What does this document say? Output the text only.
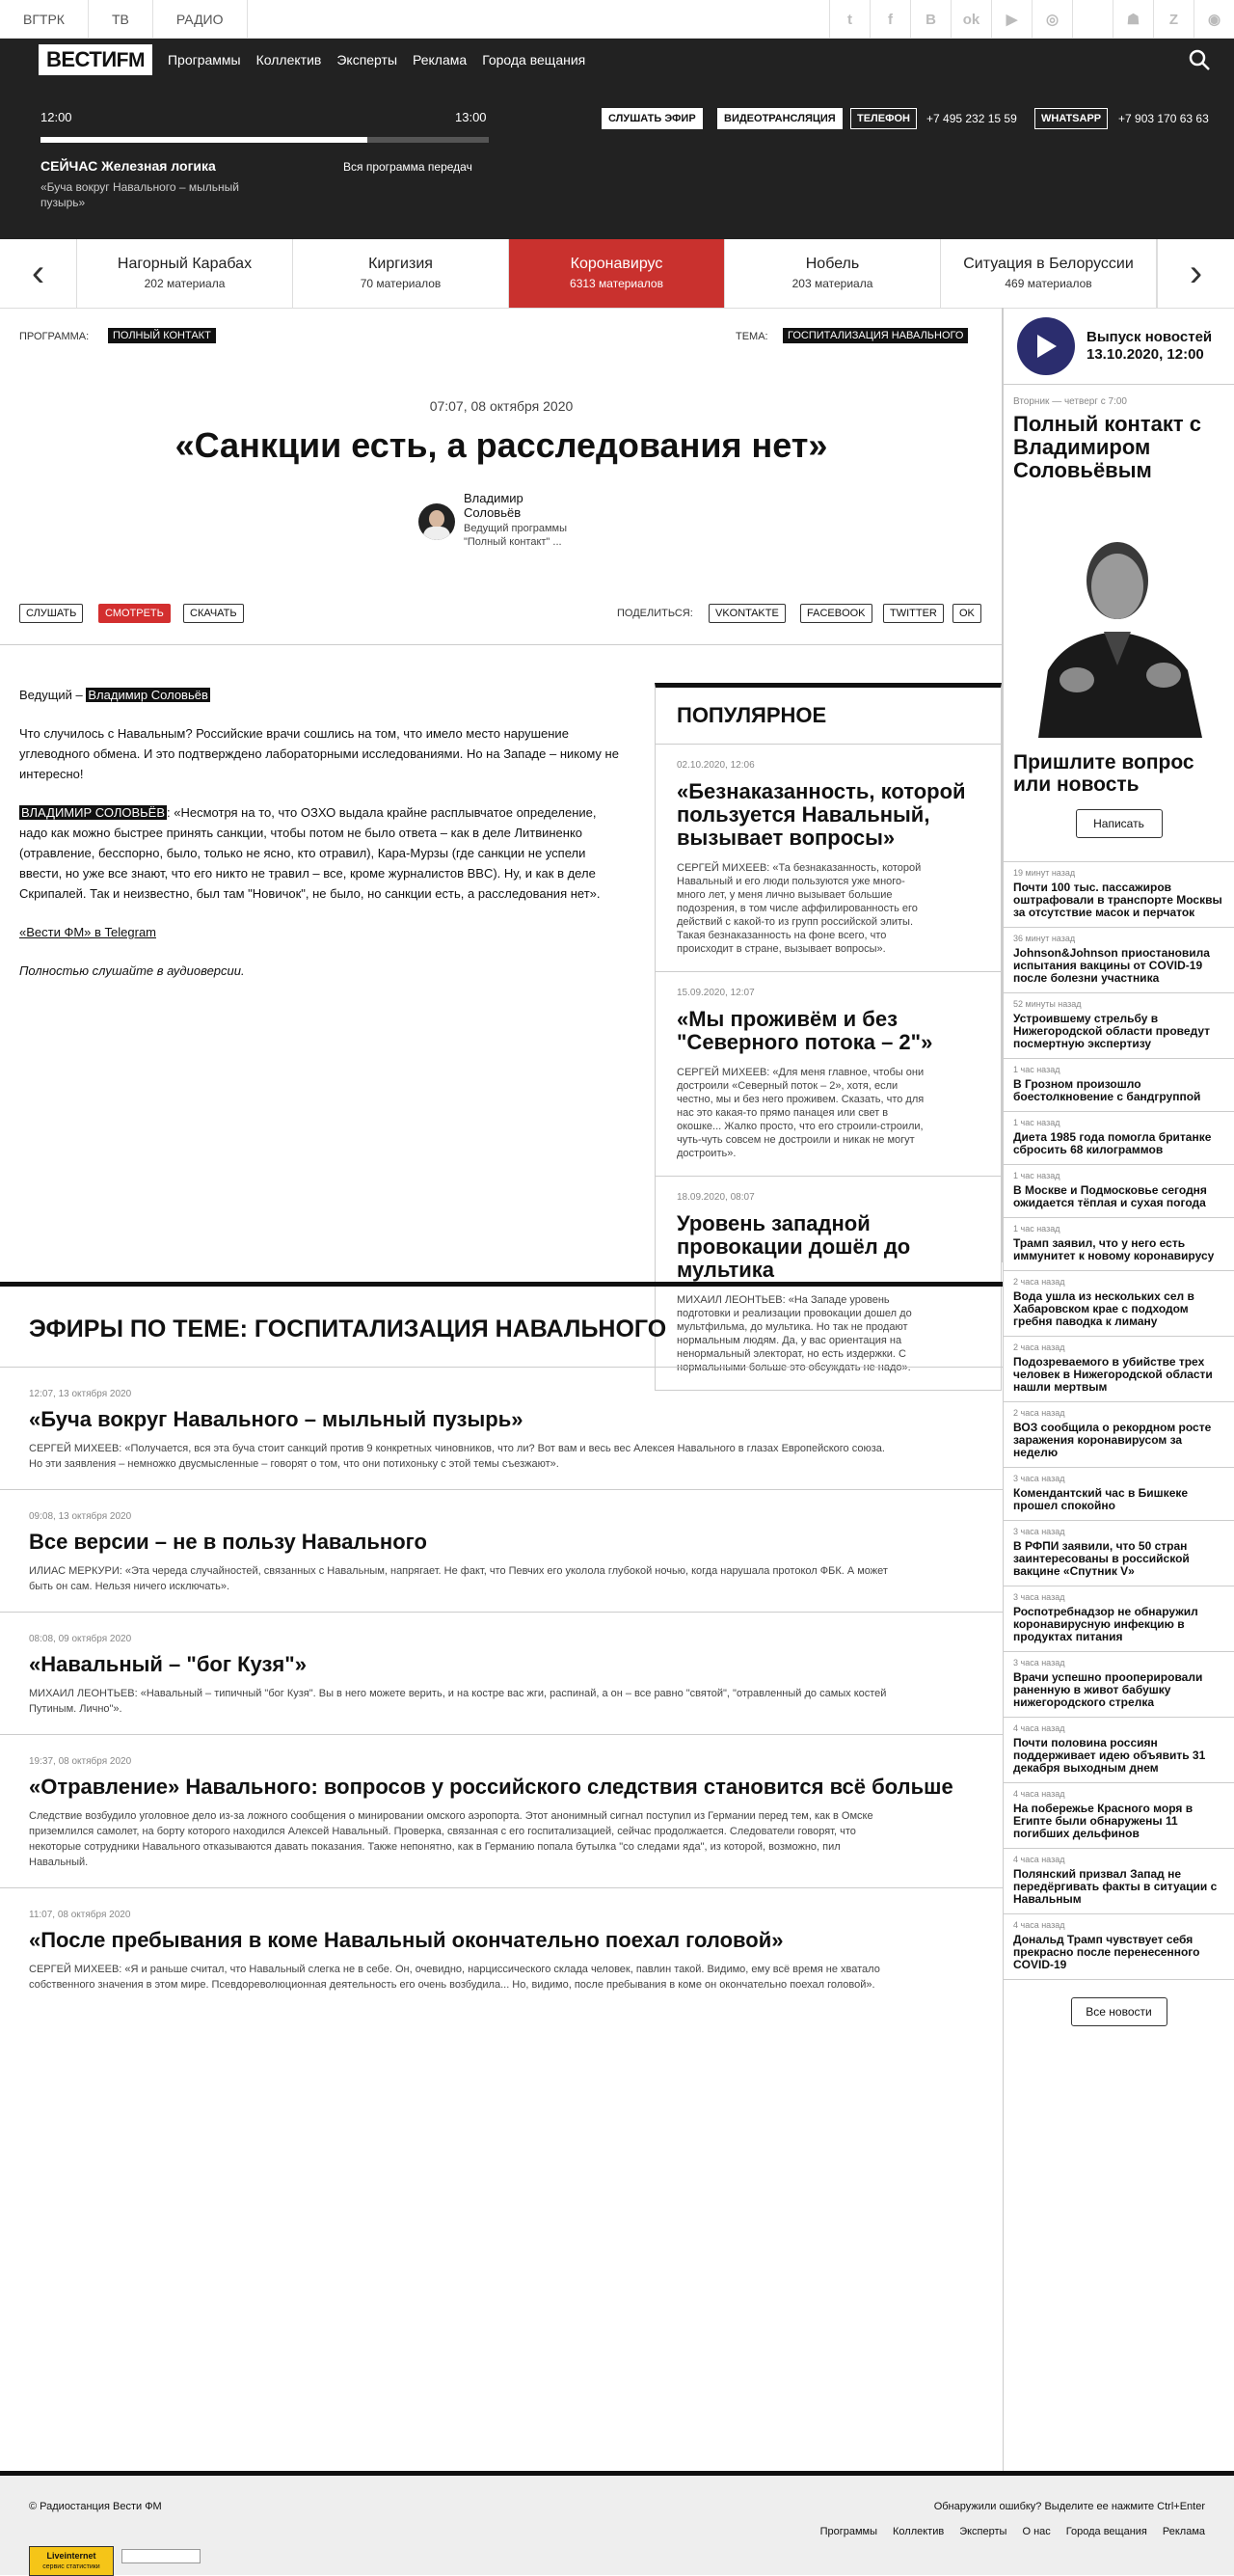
ВГТРК	ТВ	РАДИО	t	f	В	ok	▶	◎	☗	Z	◉
ВЕСТИFM	Программы Коллектив Эксперты Реклама Города вещания
12:00	13:00
СЕЙЧАС Железная логика
«Буча вокруг Навального – мыльный пузырь»
Вся программа передач
СЛУШАТЬ ЭФИР	ВИДЕОТРАНСЛЯЦИЯ	ТЕЛЕФОН	+7 495 232 15 59	WHATSAPP	+7 903 170 63 63
‹	Нагорный Карабах
202 материала
Киргизия
70 материалов
Коронавирус
6313 материалов
Нобель
203 материала
Ситуация в Белоруссии
469 материалов	›
ПРОГРАММА:	ПОЛНЫЙ КОНТАКТ	ТЕМА:	ГОСПИТАЛИЗАЦИЯ НАВАЛЬНОГО
07:07, 08 октября 2020
«Санкции есть, а расследования нет»
Владимир
Соловьёв
Ведущий программы
"Полный контакт" ...
СЛУШАТЬ	СМОТРЕТЬ	СКАЧАТЬ	ПОДЕЛИТЬСЯ:	VKONTAKTE	FACEBOOK	TWITTER	OK

Ведущий – Владимир Соловьёв

Что случилось с Навальным? Российские врачи сошлись на том, что имело место нарушение углеводного обмена. И это подтверждено лабораторными исследованиями. Но на Западе – никому не интересно!

ВЛАДИМИР СОЛОВЬЁВ : «Несмотря на то, что ОЗХО выдала крайне расплывчатое определение, надо как можно быстрее принять санкции, чтобы потом не было ответа – как в деле Литвиненко (отравление, бесспорно, было, только не ясно, кто отравил), Кара-Мурзы (где санкции не успели ввести, но уже все знают, что его никто не травил – все, кроме журналистов BBC). Ну, и как в деле Скрипалей. Так и неизвестно, был там "Новичок", не было, но санкции есть, а расследования нет».

«Вести ФМ» в Telegram

Полностью слушайте в аудиоверсии.

ПОПУЛЯРНОЕ
02.10.2020, 12:06
«Безнаказанность, которой пользуется Навальный, вызывает вопросы»
СЕРГЕЙ МИХЕЕВ: «Та безнаказанность, которой Навальный и его люди пользуются уже много-много лет, у меня лично вызывает большие подозрения, в том числе аффилированность его действий с какой-то из групп российской элиты. Такая безнаказанность на фоне всего, что происходит в стране, вызывает вопросы».
15.09.2020, 12:07
«Мы проживём и без "Северного потока – 2"»
СЕРГЕЙ МИХЕЕВ: «Для меня главное, чтобы они достроили «Северный поток – 2», хотя, если честно, мы и без него проживем. Сказать, что для нас это какая-то прямо панацея или свет в окошке... Жалко просто, что его строили-строили, чуть-чуть совсем не достроили и никак не могут достроить».
18.09.2020, 08:07
Уровень западной провокации дошёл до мультика
МИХАИЛ ЛЕОНТЬЕВ: «На Западе уровень подготовки и реализации провокации дошел до мультфильма, до мультика. Но так не продают нормальным людям. Да, у вас ориентация на ненормальный электорат, но есть издержки. С нормальными больше это обсуждать не надо».
ЭФИРЫ ПО ТЕМЕ: ГОСПИТАЛИЗАЦИЯ НАВАЛЬНОГО
12:07, 13 октября 2020
«Буча вокруг Навального – мыльный пузырь»
СЕРГЕЙ МИХЕЕВ: «Получается, вся эта буча стоит санкций против 9 конкретных чиновников, что ли? Вот вам и весь вес Алексея Навального в глазах Европейского союза. Но эти заявления – немножко двусмысленные – говорят о том, что они потихоньку с этой темы съезжают».
09:08, 13 октября 2020
Все версии – не в пользу Навального
ИЛИАС МЕРКУРИ: «Эта череда случайностей, связанных с Навальным, напрягает. Не факт, что Певчих его уколола глубокой ночью, когда нарушала протокол ФБК. А может быть он сам. Нельзя ничего исключать».
08:08, 09 октября 2020
«Навальный – "бог Кузя"»
МИХАИЛ ЛЕОНТЬЕВ: «Навальный – типичный "бог Кузя". Вы в него можете верить, и на костре вас жги, распинай, а он – все равно "святой", "отравленный до самых костей Путиным. Лично"».
19:37, 08 октября 2020
«Отравление» Навального: вопросов у российского следствия становится всё больше
Следствие возбудило уголовное дело из-за ложного сообщения о минировании омского аэропорта. Этот анонимный сигнал поступил из Германии перед тем, как в Омске приземлился самолет, на борту которого находился Алексей Навальный. Проверка, связанная с его госпитализацией, сейчас продолжается. Следователи говорят, что некоторые сотрудники Навального отказываются давать показания. Также непонятно, как в Германию попала бутылка "со следами яда", из которой, возможно, пил Навальный.
11:07, 08 октября 2020
«После пребывания в коме Навальный окончательно поехал головой»
СЕРГЕЙ МИХЕЕВ: «Я и раньше считал, что Навальный слегка не в себе. Он, очевидно, нарциссического склада человек, павлин такой. Видимо, ему всё время не хватало собственного значения в этом мире. Псевдореволюционная деятельность его очень возбудила... Но, видимо, после пребывания в коме он окончательно поехал головой».
Выпуск новостей
13.10.2020, 12:00
Вторник — четверг с 7:00
Полный контакт с Владимиром Соловьёвым
Пришлите вопрос или новость
Написать
19 минут назад
Почти 100 тыс. пассажиров оштрафовали в транспорте Москвы за отсутствие масок и перчаток
36 минут назад
Johnson&Johnson приостановила испытания вакцины от COVID-19 после болезни участника
52 минуты назад
Устроившему стрельбу в Нижегородской области проведут посмертную экспертизу
1 час назад
В Грозном произошло боестолкновение с бандгруппой
1 час назад
Диета 1985 года помогла британке сбросить 68 килограммов
1 час назад
В Москве и Подмосковье сегодня ожидается тёплая и сухая погода
1 час назад
Трамп заявил, что у него есть иммунитет к новому коронавирусу
2 часа назад
Вода ушла из нескольких сел в Хабаровском крае с подходом гребня паводка к лиману
2 часа назад
Подозреваемого в убийстве трех человек в Нижегородской области нашли мертвым
2 часа назад
ВОЗ сообщила о рекордном росте заражения коронавирусом за неделю
3 часа назад
Комендантский час в Бишкеке прошел спокойно
3 часа назад
В РФПИ заявили, что 50 стран заинтересованы в российской вакцине «Спутник V»
3 часа назад
Роспотребнадзор не обнаружил коронавирусную инфекцию в продуктах питания
3 часа назад
Врачи успешно прооперировали раненную в живот бабушку нижегородского стрелка
4 часа назад
Почти половина россиян поддерживает идею объявить 31 декабря выходным днем
4 часа назад
На побережье Красного моря в Египте были обнаружены 11 погибших дельфинов
4 часа назад
Полянский призвал Запад не передёргивать факты в ситуации с Навальным
4 часа назад
Дональд Трамп чувствует себя прекрасно после перенесенного COVID-19
Все новости
© Радиостанция Вести ФМ	Обнаружили ошибку? Выделите ее нажмите Ctrl+Enter
Программы Коллектив Эксперты О нас Города вещания Реклама
Liveinternet
сервис статистики
